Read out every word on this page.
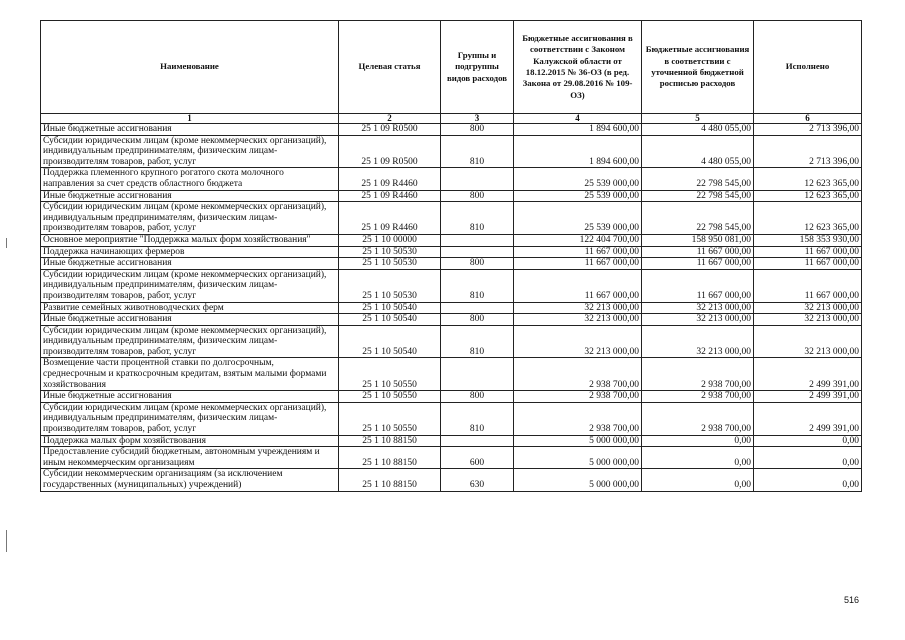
Наименование	Целевая статья	Группы и подгруппы видов расходов	Бюджетные ассигнования в соответствии с Законом Калужской области от 18.12.2015 № 36-ОЗ (в ред. Закона от 29.08.2016 № 109-ОЗ)	Бюджетные ассигнования в соответствии с уточненной бюджетной росписью расходов	Исполнено
1	2	3	4	5	6
Иные бюджетные ассигнования	25 1 09 R0500	800	1 894 600,00	4 480 055,00	2 713 396,00
Субсидии юридическим лицам (кроме некоммерческих организаций), индивидуальным предпринимателям, физическим лицам-производителям товаров, работ, услуг	25 1 09 R0500	810	1 894 600,00	4 480 055,00	2 713 396,00
Поддержка племенного крупного рогатого скота молочного направления за счет средств областного бюджета	25 1 09 R4460		25 539 000,00	22 798 545,00	12 623 365,00
Иные бюджетные ассигнования	25 1 09 R4460	800	25 539 000,00	22 798 545,00	12 623 365,00
Субсидии юридическим лицам (кроме некоммерческих организаций), индивидуальным предпринимателям, физическим лицам-производителям товаров, работ, услуг	25 1 09 R4460	810	25 539 000,00	22 798 545,00	12 623 365,00
Основное мероприятие "Поддержка малых форм хозяйствования"	25 1 10 00000		122 404 700,00	158 950 081,00	158 353 930,00
Поддержка начинающих фермеров	25 1 10 50530		11 667 000,00	11 667 000,00	11 667 000,00
Иные бюджетные ассигнования	25 1 10 50530	800	11 667 000,00	11 667 000,00	11 667 000,00
Субсидии юридическим лицам (кроме некоммерческих организаций), индивидуальным предпринимателям, физическим лицам-производителям товаров, работ, услуг	25 1 10 50530	810	11 667 000,00	11 667 000,00	11 667 000,00
Развитие семейных животноводческих ферм	25 1 10 50540		32 213 000,00	32 213 000,00	32 213 000,00
Иные бюджетные ассигнования	25 1 10 50540	800	32 213 000,00	32 213 000,00	32 213 000,00
Субсидии юридическим лицам (кроме некоммерческих организаций), индивидуальным предпринимателям, физическим лицам-производителям товаров, работ, услуг	25 1 10 50540	810	32 213 000,00	32 213 000,00	32 213 000,00
Возмещение части процентной ставки по долгосрочным, среднесрочным и краткосрочным кредитам, взятым малыми формами хозяйствования	25 1 10 50550		2 938 700,00	2 938 700,00	2 499 391,00
Иные бюджетные ассигнования	25 1 10 50550	800	2 938 700,00	2 938 700,00	2 499 391,00
Субсидии юридическим лицам (кроме некоммерческих организаций), индивидуальным предпринимателям, физическим лицам-производителям товаров, работ, услуг	25 1 10 50550	810	2 938 700,00	2 938 700,00	2 499 391,00
Поддержка малых форм хозяйствования	25 1 10 88150		5 000 000,00	0,00	0,00
Предоставление субсидий бюджетным, автономным учреждениям и иным некоммерческим организациям	25 1 10 88150	600	5 000 000,00	0,00	0,00
Субсидии некоммерческим организациям (за исключением государственных (муниципальных) учреждений)	25 1 10 88150	630	5 000 000,00	0,00	0,00
516
